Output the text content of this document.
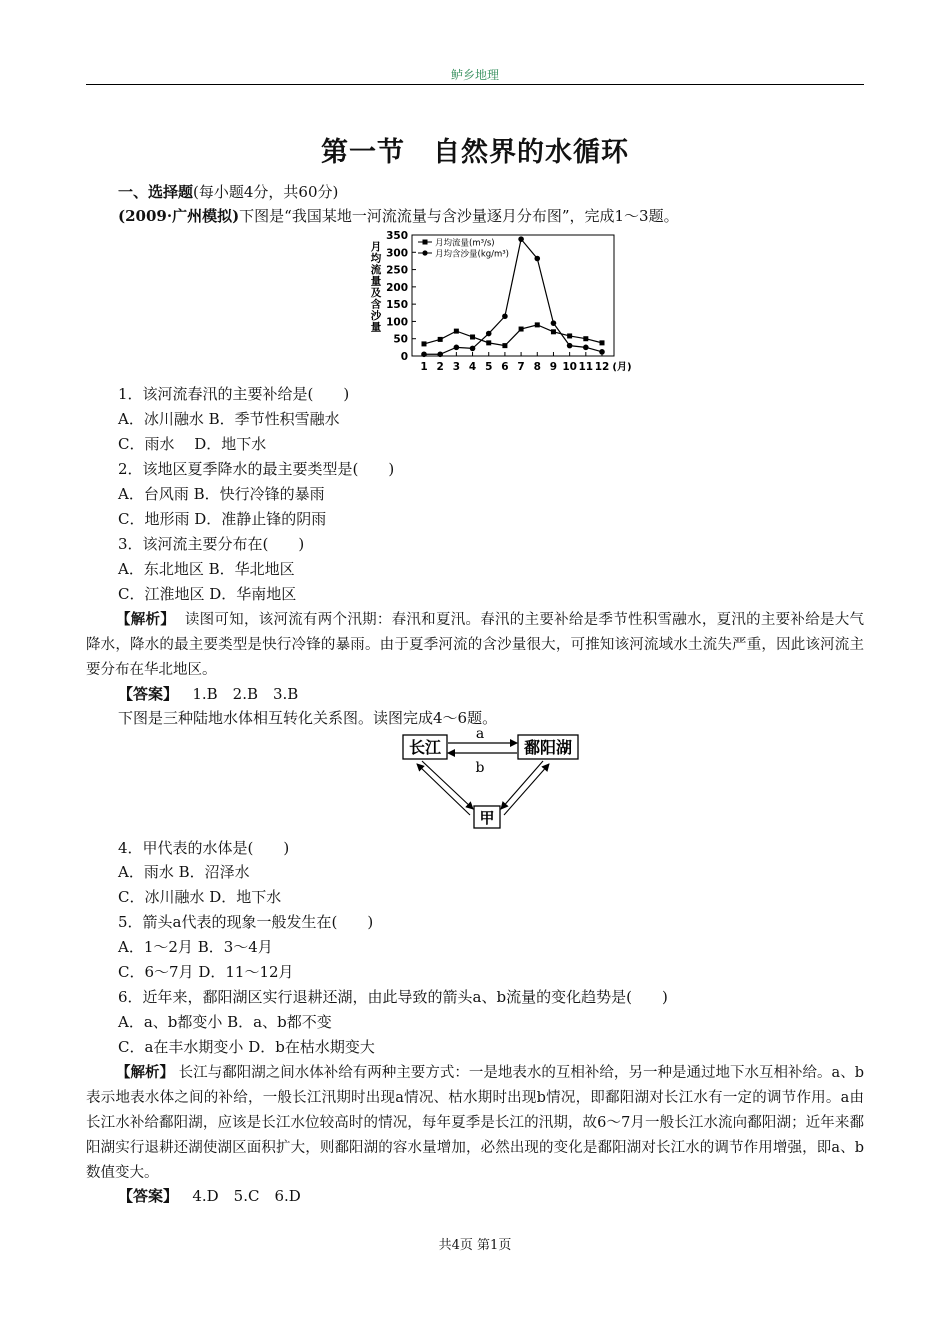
鲈乡地理
第一节　自然界的水循环
一、选择题(每小题4分，共60分)
(2009·广州模拟)下图是“我国某地一河流流量与含沙量逐月分布图”，完成1～3题。
0
50
100
150
200
250
300
350
1 2 3 4 5 6 7 8 9 10 11 12 (月)
月
均
流
量
及
含
沙
量
月均流量(m³/s)
月均含沙量(kg/m³)
1．该河流春汛的主要补给是(　　)
A．冰川融水 B．季节性积雪融水
C．雨水　 D．地下水
2．该地区夏季降水的最主要类型是(　　)
A．台风雨 B．快行冷锋的暴雨
C．地形雨 D．准静止锋的阴雨
3．该河流主要分布在(　　)
A．东北地区 B．华北地区
C．江淮地区 D．华南地区
【解析】 读图可知，该河流有两个汛期：春汛和夏汛。春汛的主要补给是季节性积雪融水，夏汛的主要补给是大气降水，降水的最主要类型是快行冷锋的暴雨。由于夏季河流的含沙量很大，可推知该河流域水土流失严重，因此该河流主要分布在华北地区。
【答案】 1.B　2.B　3.B
下图是三种陆地水体相互转化关系图。读图完成4～6题。
长江	鄱阳湖
甲
a
b
4．甲代表的水体是(　　)
A．雨水 B．沼泽水
C．冰川融水 D．地下水
5．箭头a代表的现象一般发生在(　　)
A．1～2月 B．3～4月
C．6～7月 D．11～12月
6．近年来，鄱阳湖区实行退耕还湖，由此导致的箭头a、b流量的变化趋势是(　　)
A．a、b都变小 B．a、b都不变
C．a在丰水期变小 D．b在枯水期变大
【解析】 长江与鄱阳湖之间水体补给有两种主要方式：一是地表水的互相补给，另一种是通过地下水互相补给。a、b表示地表水体之间的补给，一般长江汛期时出现a情况、枯水期时出现b情况，即鄱阳湖对长江水有一定的调节作用。a由长江水补给鄱阳湖，应该是长江水位较高时的情况，每年夏季是长江的汛期，故6～7月一般长江水流向鄱阳湖；近年来鄱阳湖实行退耕还湖使湖区面积扩大，则鄱阳湖的容水量增加，必然出现的变化是鄱阳湖对长江水的调节作用增强，即a、b数值变大。
【答案】 4.D　5.C　6.D
共4页 第1页
